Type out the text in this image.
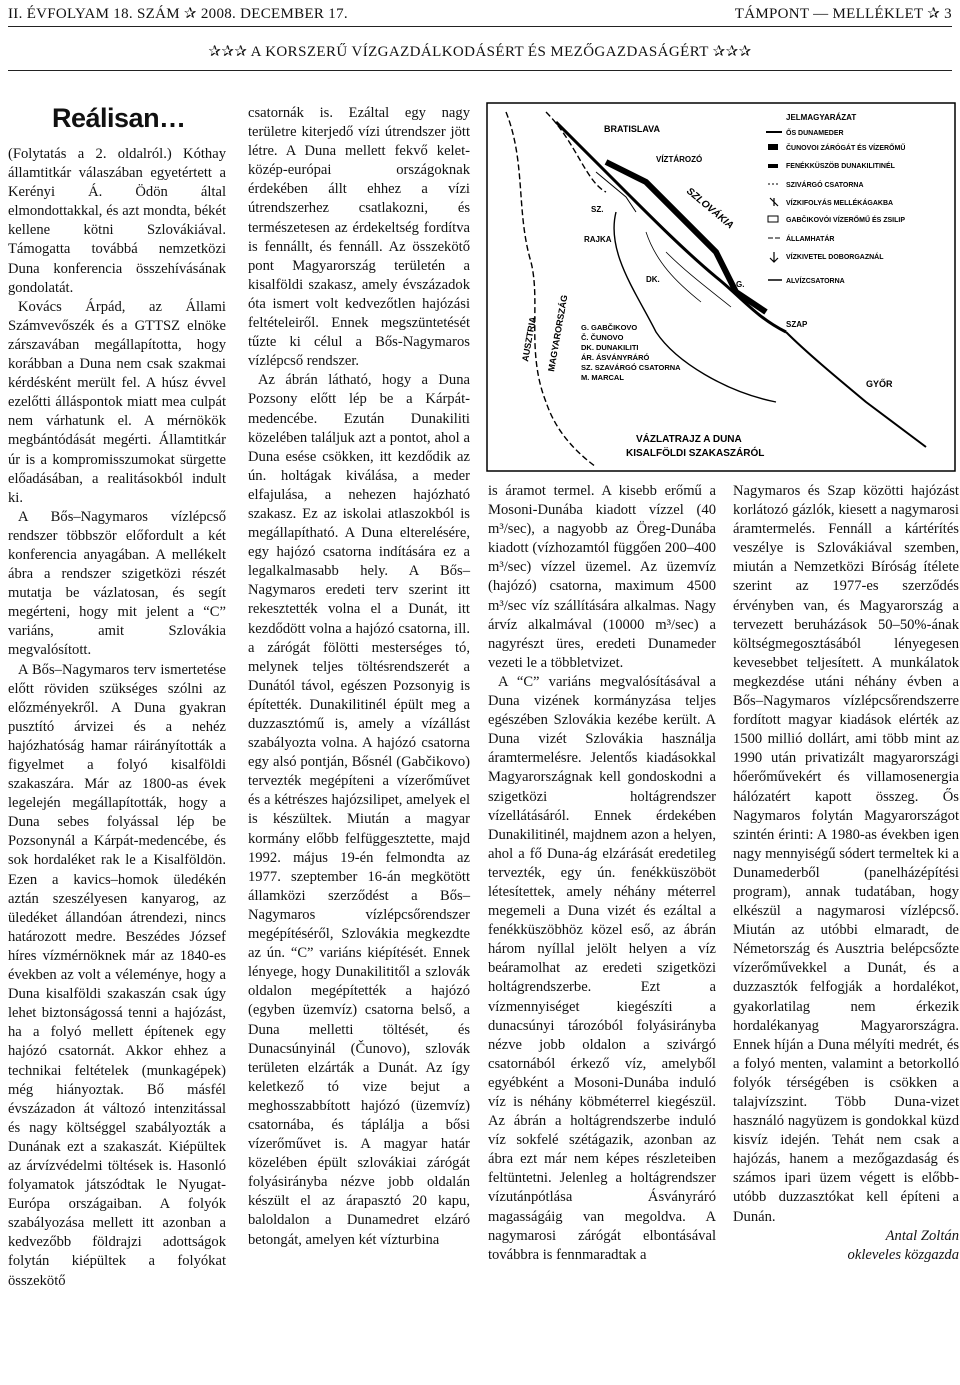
II. ÉVFOLYAM 18. SZÁM ✰ 2008. DECEMBER 17.	TÁMPONT — MELLÉKLET ✰ 3
✰✰✰ A KORSZERŰ VÍZGAZDÁLKODÁSÉRT ÉS MEZŐGAZDASÁGÉRT ✰✰✰
Reálisan…

(Folytatás a 2. oldalról.) Kóthay államtitkár válaszában egyetértett a Kerényi Á. Ödön által elmondottakkal, és azt mondta, békét kellene kötni Szlovákiával. Támogatta továbbá nemzetközi Duna konferencia összehívásának gondolatát.

Kovács Árpád, az Állami Számvevőszék és a GTTSZ elnöke zárszavában megállapította, hogy korábban a Duna nem csak szakmai kérdésként merült fel. A húsz évvel ezelőtti álláspontok miatt mea culpát nem várhatunk el. A mérnökök megbántódását megérti. Államtitkár úr is a kompromisszumokat sürgette előadásában, a realitásokból indult ki.

A Bős–Nagymaros vízlépcső rendszer többször előfordult a két konferencia anyagában. A mellékelt ábra a rendszer szigetközi részét mutatja be vázlatosan, és segít megérteni, hogy mit jelent a “C” variáns, amit Szlovákia megvalósított.

A Bős–Nagymaros terv ismertetése előtt röviden szükséges szólni az előzményekről. A Duna gyakran pusztító árvizei és a nehéz hajózhatóság hamar ráirányították a figyelmet a folyó kisalföldi szakaszára. Már az 1800-as évek legelején megállapították, hogy a Duna sebes folyással lép be Pozsonynál a Kárpát-medencébe, és sok hordaléket rak le a Kisalföldön. Ezen a kavics–homok üledékén aztán szeszélyesen kanyarog, az üledéket állandóan átrendezi, nincs határozott medre. Beszédes József híres vízmérnöknek már az 1840-es években az volt a véleménye, hogy a Duna kisalföldi szakaszán csak úgy lehet biztonságossá tenni a hajózást, ha a folyó mellett építenek egy hajózó csatornát. Akkor ehhez a technikai feltételek (munkagépek) még hiányoztak. Bő másfél évszázadon át változó intenzitással és nagy költséggel szabályozták a Dunának ezt a szakaszát. Kiépültek az árvízvédelmi töltések is. Hasonló folyamatok játszódtak le Nyugat-Európa országaiban. A folyók szabályozása mellett itt azonban a kedvezőbb földrajzi adottságok folytán kiépültek a folyókat összekötő

csatornák is. Ezáltal egy nagy területre kiterjedő vízi útrendszer jött létre. A Duna mellett fekvő kelet-közép-európai országoknak érdekében állt ehhez a vízi útrendszerhez csatlakozni, és természetesen az érdekeltség fordítva is fennállt, és fennáll. Az összekötő pont Magyarország területén a kisalföldi szakasz, amely évszázadok óta ismert volt kedvezőtlen hajózási feltételeiről. Ennek megszüntetését tűzte ki célul a Bős-Nagymaros vízlépcső rendszer.

Az ábrán látható, hogy a Duna Pozsony előtt lép be a Kárpát-medencébe. Ezután Dunakiliti közelében találjuk azt a pontot, ahol a Duna esése csökken, itt kezdődik az ún. holtágak kiválása, a meder elfajulása, a nehezen hajózható szakasz. Ez az iskolai atlaszokból is megállapítható. A Duna elterelésére, egy hajózó csatorna indítására ez a legalkalmasabb hely. A Bős–Nagymaros eredeti terv szerint itt rekesztették volna el a Dunát, itt kezdődött volna a hajózó csatorna, ill. a zárógát fölötti mesterséges tó, melynek teljes töltésrendszerét a Dunától távol, egészen Pozsonyig is építették. Dunakilitinél épült meg a duzzasztómű is, amely a vízállást szabályozta volna. A hajózó csatorna egy alsó pontján, Bősnél (Gabčikovo) tervezték megépíteni a vízerőművet és a kétrészes hajózsilipet, amelyek el is készültek. Miután a magyar kormány előbb felfüggesztette, majd 1992. május 19-én felmondta az 1977. szeptember 16-án megkötött államközi szerződést a Bős–Nagymaros vízlépcsőrendszer megépítéséről, Szlovákia megkezdte az ún. “C” variáns kiépítését. Ennek lényege, hogy Dunakilititől a szlovák oldalon megépítették a hajózó (egyben üzemvíz) csatorna belső, a Duna melletti töltését, és Dunacsúnyinál (Čunovo), szlovák területen elzárták a Dunát. Az így keletkező tó vize bejut a meghosszabbított hajózó (üzemvíz) csatornába, és táplálja a bősi vízerőművet is. A magyar határ közelében épült szlovákiai zárógát folyásirányba nézve jobb oldalán készült el az árapasztó 20 kapu, baloldalon a Dunamedret elzáró betongát, amelyen két vízturbina

is áramot termel. A kisebb erőmű a Mosoni-Dunába kiadott vízzel (40 m³/sec), a nagyobb az Öreg-Dunába kiadott (vízhozamtól függően 200–400 m³/sec) vízzel üzemel. Az üzemvíz (hajózó) csatorna, maximum 4500 m³/sec víz szállítására alkalmas. Nagy árvíz alkalmával (10000 m³/sec) a nagyrészt üres, eredeti Dunameder vezeti le a többletvizet.

A “C” variáns megvalósításával a Duna vizének kormányzása teljes egészében Szlovákia kezébe került. A Duna vizét Szlovákia használja áramtermelésre. Jelentős kiadásokkal Magyarországnak kell gondoskodni a szigetközi holtágrendszer vízellátásáról. Ennek érdekében Dunakilitinél, majdnem azon a helyen, ahol a fő Duna-ág elzárását eredetileg tervezték, egy ún. fenékküszöböt létesítettek, amely néhány méterrel megemeli a Duna vizét és ezáltal a fenékküszöbhöz közel eső, az ábrán három nyíllal jelölt helyen a víz beáramolhat az eredeti szigetközi holtágrendszerbe. Ezt a vízmennyiséget kiegészíti a dunacsúnyi tározóból folyásirányba nézve jobb oldalon a szivárgó csatornából érkező víz, amelyből egyébként a Mosoni-Dunába induló víz is néhány köbméterrel kiegészül. Az ábrán a holtágrendszerbe induló víz sokfelé szétágazik, azonban az ábra ezt már nem képes részleteiben feltüntetni. Jelenleg a holtágrendszer vízutánpótlása Ásványráró magasságáig van megoldva. A nagymarosi zárógát elbontásával továbbra is fennmaradtak a

Nagymaros és Szap közötti hajózást korlátozó gázlók, kiesett a nagymarosi áramtermelés. Fennáll a kártérítés veszélye is Szlovákiával szemben, miután a Nemzetközi Bíróság ítélete szerint az 1977-es szerződés érvényben van, és Magyarország a tervezett beruházások 50–50%-ának költségmegosztásából lényegesen kevesebbet teljesített. A munkálatok megkezdése utáni néhány évben a Bős–Nagymaros vízlépcsőrendszerre fordított magyar kiadások elérték az 1500 millió dollárt, ami több mint az 1990 után privatizált magyarországi hőerőművekért és villamosenergia hálózatért kapott összeg. Ős Nagymaros folytán Magyarországot szintén érinti: A 1980-as években igen nagy mennyiségű sódert termeltek ki a Dunamederből (panelházépítési program), annak tudatában, hogy elkészül a nagymarosi vízlépcső. Miután az utóbbi elmaradt, de Németország és Ausztria belépcsőzte vízerőművekkel a Dunát, és a duzzasztók felfogják a hordalékot, gyakorlatilag nem érkezik hordalékanyag Magyarországra. Ennek híján a Duna mélyíti medrét, és a folyó menten, valamint a betorkolló folyók térségében is csökken a talajvízszint. Több Duna-vizet használó nagyüzem is gondokkal küzd kisvíz idején. Tehát nem csak a hajózás, hanem a mezőgazdaság és számos ipari üzem végett is előbb-utóbb duzzasztókat kell építeni a Dunán.

Antal Zoltán

okleveles közgazda

BRATISLAVA
VÍZTÁROZÓ
SZ.
RAJKA
DK.
G.
SZLOVÁKIA
AUSZTRIA MAGYARORSZÁG
GYŐR
SZAP
G. GABČIKOVO
Č. ČUNOVO
DK. DUNAKILITI
ÁR. ÁSVÁNYRÁRÓ
SZ. SZAVÁRGÓ CSATORNA
M. MARCAL
JELMAGYARÁZAT
ŐS DUNAMEDER
ČUNOVOI ZÁRÓGÁT ÉS VÍZERŐMŰ
FENÉKKÜSZÖB DUNAKILITINÉL
SZIVÁRGÓ CSATORNA
VÍZKIFOLYÁS MELLÉKÁGAKBA
GABČIKOVÓI VÍZERŐMŰ ÉS ZSILIP
ÁLLAMHATÁR
VÍZKIVETEL DOBORGAZNÁL
ALVÍZCSATORNA
VÁZLATRAJZ A DUNA
KISALFÖLDI SZAKASZÁRÓL
